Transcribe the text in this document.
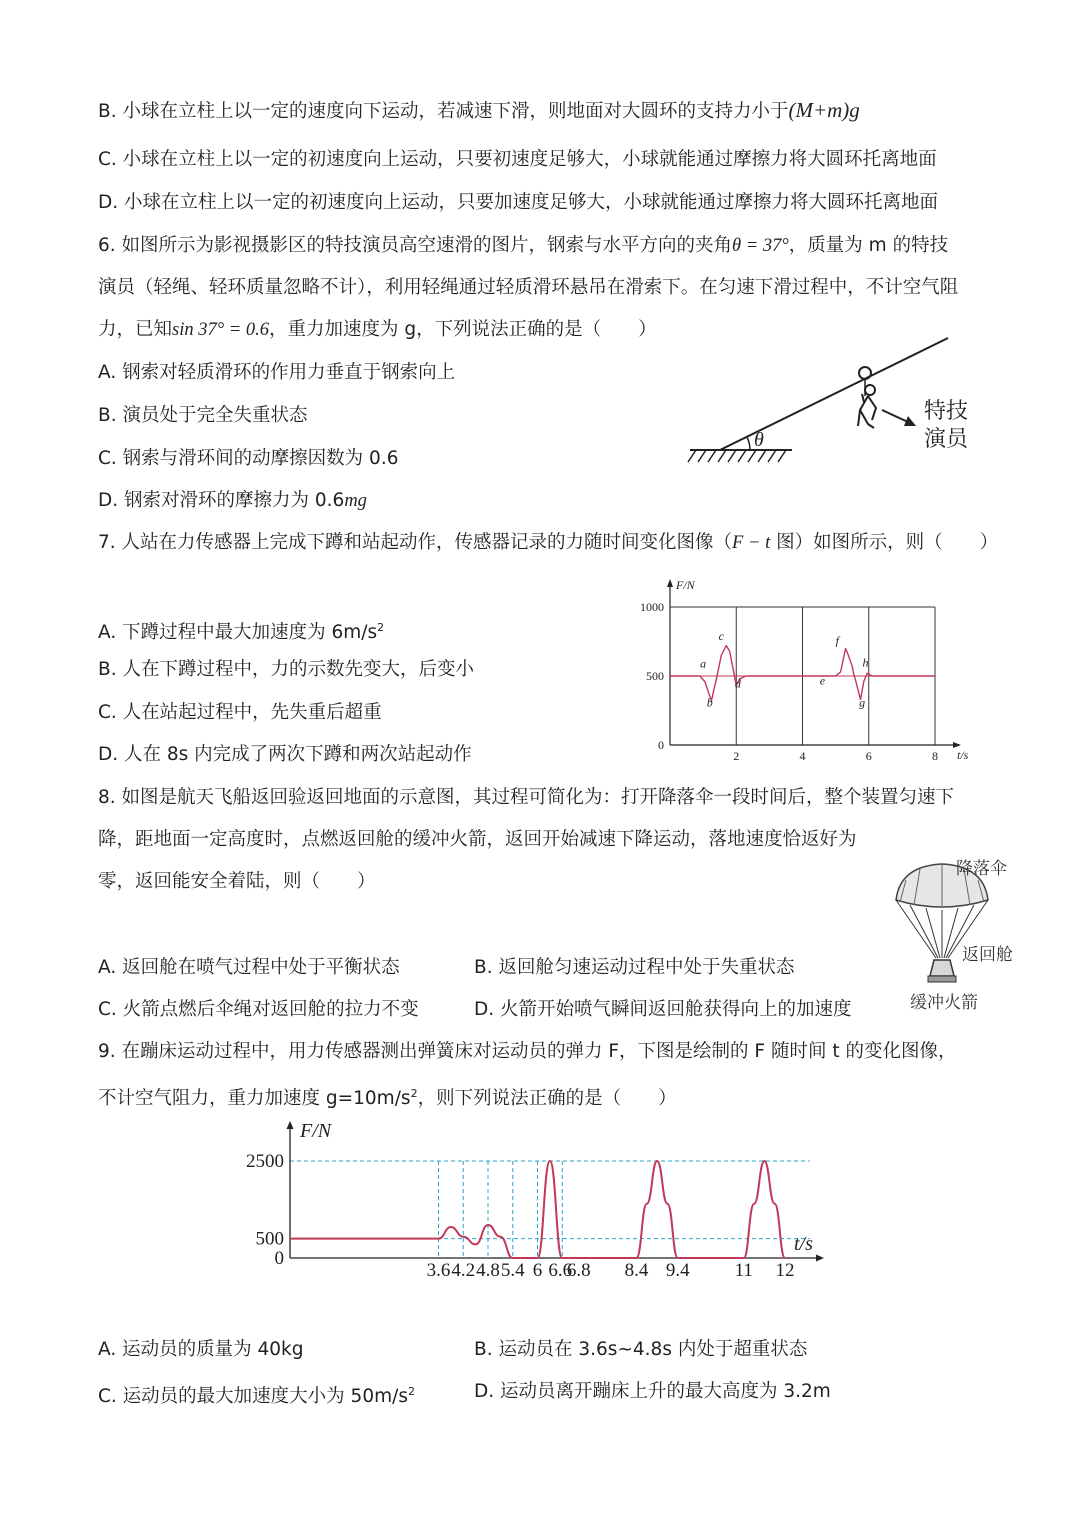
B. 小球在立柱上以一定的速度向下运动，若减速下滑，则地面对大圆环的支持力小于(M+m)g
C. 小球在立柱上以一定的初速度向上运动，只要初速度足够大，小球就能通过摩擦力将大圆环托离地面
D. 小球在立柱上以一定的初速度向上运动，只要加速度足够大，小球就能通过摩擦力将大圆环托离地面
6. 如图所示为影视摄影区的特技演员高空速滑的图片，钢索与水平方向的夹角θ = 37°，质量为 m 的特技
演员（轻绳、轻环质量忽略不计），利用轻绳通过轻质滑环悬吊在滑索下。在匀速下滑过程中，不计空气阻
力，已知sin 37° = 0.6，重力加速度为 g，下列说法正确的是（　　）
A. 钢索对轻质滑环的作用力垂直于钢索向上
B. 演员处于完全失重状态
C. 钢索与滑环间的动摩擦因数为 0.6
D. 钢索对滑环的摩擦力为 0.6mg
θ
特技
演员
7. 人站在力传感器上完成下蹲和站起动作，传感器记录的力随时间变化图像（F − t 图）如图所示，则（　　）
A. 下蹲过程中最大加速度为 $6m/s^2$
B. 人在下蹲过程中，力的示数先变大，后变小
C. 人在站起过程中，先失重后超重
D. 人在 8s 内完成了两次下蹲和两次站起动作	0
500
1000
2	4	6	8
F/N
t/s
a
b
c
d	e
f
g
h
8. 如图是航天飞船返回验返回地面的示意图，其过程可简化为：打开降落伞一段时间后，整个装置匀速下
降，距地面一定高度时，点燃返回舱的缓冲火箭，返回开始减速下降运动，落地速度恰返好为
零，返回能安全着陆，则（　　）
A. 返回舱在喷气过程中处于平衡状态	B. 返回舱匀速运动过程中处于失重状态
C. 火箭点燃后伞绳对返回舱的拉力不变	D. 火箭开始喷气瞬间返回舱获得向上的加速度
降落伞
返回舱
缓冲火箭
9. 在蹦床运动过程中，用力传感器测出弹簧床对运动员的弹力 F，下图是绘制的 F 随时间 t 的变化图像，
不计空气阻力，重力加速度 $g=10m/s^2$，则下列说法正确的是（　　）
0
500
2500
3.6 4.2 4.8 5.4 6 6.6
6.8 8.4 9.4 11 12
F/N
t/s
A. 运动员的质量为 40kg	B. 运动员在 3.6s~4.8s 内处于超重状态
C. 运动员的最大加速度大小为 $50m/s^2$	D. 运动员离开蹦床上升的最大高度为 3.2m
